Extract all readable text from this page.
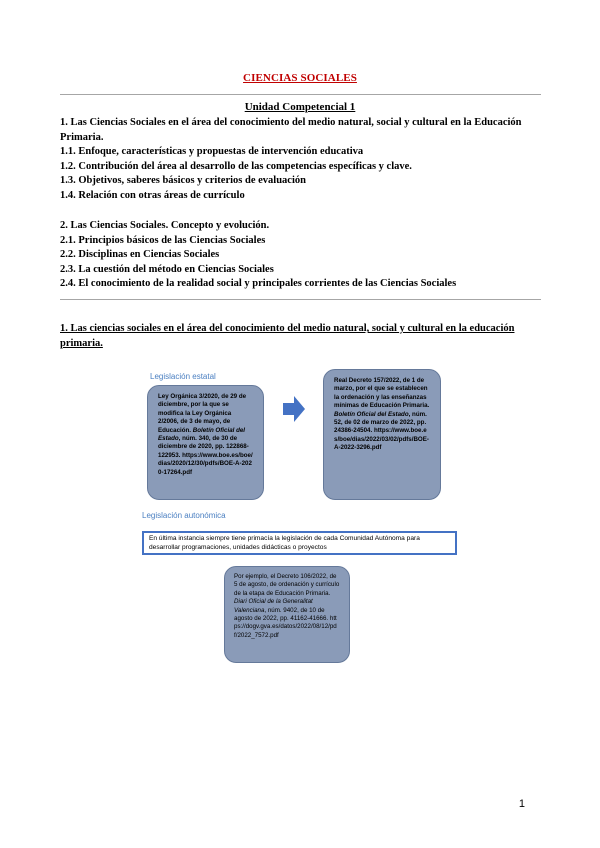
CIENCIAS SOCIALES
Unidad Competencial 1
1. Las Ciencias Sociales en el área del conocimiento del medio natural, social y cultural en la Educación Primaria.
1.1. Enfoque, características y propuestas de intervención educativa
1.2. Contribución del área al desarrollo de las competencias específicas y clave.
1.3. Objetivos, saberes básicos y criterios de evaluación
1.4. Relación con otras áreas de currículo
2. Las Ciencias Sociales. Concepto y evolución.
2.1. Principios básicos de las Ciencias Sociales
2.2. Disciplinas en Ciencias Sociales
2.3. La cuestión del método en Ciencias Sociales
2.4. El conocimiento de la realidad social y principales corrientes de las Ciencias Sociales
1. Las ciencias sociales en el área del conocimiento del medio natural, social y cultural en la educación primaria.
Legislación estatal
Ley Orgánica 3/2020, de 29 de diciembre, por la que se modifica la Ley Orgánica 2/2006, de 3 de mayo, de Educación. Boletín Oficial del Estado, núm. 340, de 30 de diciembre de 2020, pp. 122868-122953. https://www.boe.es/boe/dias/2020/12/30/pdfs/BOE-A-2020-17264.pdf
Real Decreto 157/2022, de 1 de marzo, por el que se establecen la ordenación y las enseñanzas mínimas de Educación Primaria. Boletín Oficial del Estado, núm. 52, de 02 de marzo de 2022, pp. 24386-24504. https://www.boe.es/boe/dias/2022/03/02/pdfs/BOE-A-2022-3296.pdf
Legislación autonómica
En última instancia siempre tiene primacía la legislación de cada Comunidad Autónoma para desarrollar programaciones, unidades didácticas o proyectos
Por ejemplo, el Decreto 106/2022, de 5 de agosto, de ordenación y currículo de la etapa de Educación Primaria. Diari Oficial de la Generalitat Valenciana, núm. 9402, de 10 de agosto de 2022, pp. 41162-41666. https://dogv.gva.es/datos/2022/08/12/pdf/2022_7572.pdf
1
